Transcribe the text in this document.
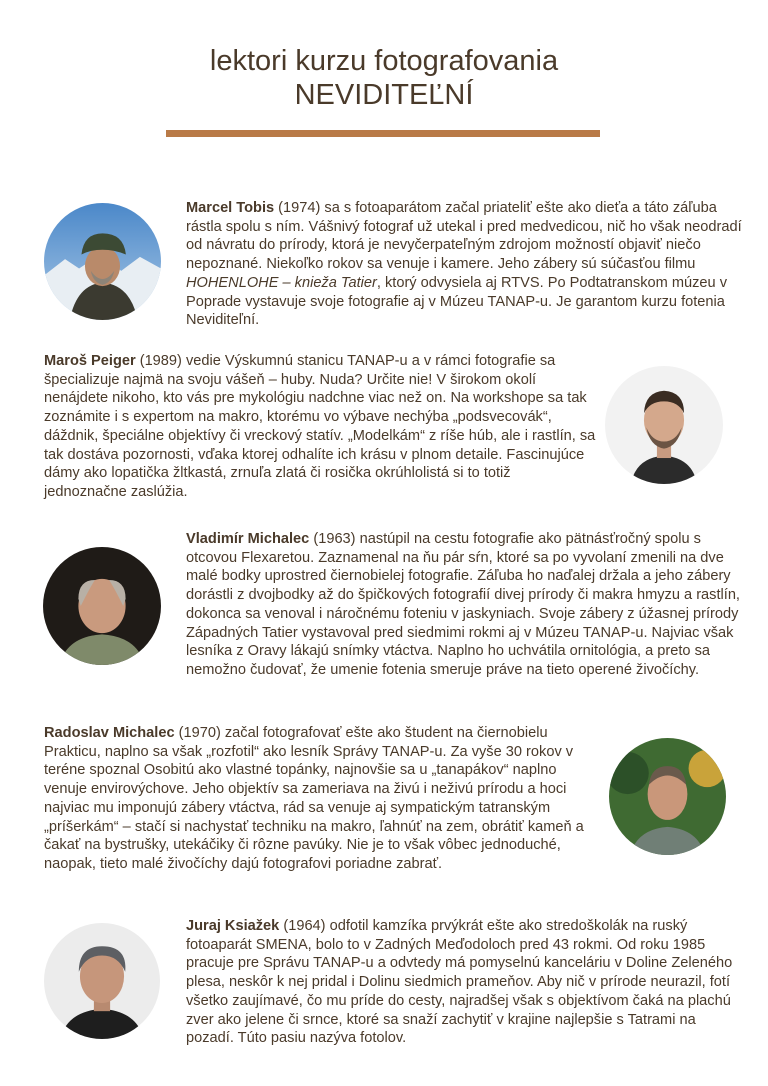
lektori kurzu fotografovania
NEVIDITEĽNÍ

Marcel Tobis (1974) sa s fotoaparátom začal priateliť ešte ako dieťa a táto záľuba rástla spolu s ním. Vášnivý fotograf už utekal i pred medvedicou, nič ho však neodradí od návratu do prírody, ktorá je nevyčerpateľným zdrojom možností objaviť niečo nepoznané. Niekoľko rokov sa venuje i kamere. Jeho zábery sú súčasťou filmu HOHENLOHE – knieža Tatier, ktorý odvysiela aj RTVS. Po Podtatranskom múzeu v Poprade vystavuje svoje fotografie aj v Múzeu TANAP-u. Je garantom kurzu fotenia Neviditeľní.

Maroš Peiger (1989) vedie Výskumnú stanicu TANAP-u a v rámci fotografie sa špecializuje najmä na svoju vášeň – huby. Nuda? Určite nie! V širokom okolí nenájdete nikoho, kto vás pre mykológiu nadchne viac než on. Na workshope sa tak zoznámite i s expertom na makro, ktorému vo výbave nechýba „podsvecovák“, dáždnik, špeciálne objektívy či vreckový statív. „Modelkám“ z ríše húb, ale i rastlín, sa tak dostáva pozornosti, vďaka ktorej odhalíte ich krásu v plnom detaile. Fascinujúce dámy ako lopatička žltkastá, zrnuľa zlatá či rosička okrúhlolistá si to totiž jednoznačne zaslúžia.

Vladimír Michalec (1963) nastúpil na cestu fotografie ako pätnásťročný spolu s otcovou Flexaretou. Zaznamenal na ňu pár sŕn, ktoré sa po vyvolaní zmenili na dve malé bodky uprostred čiernobielej fotografie. Záľuba ho naďalej držala a jeho zábery dorástli z dvojbodky až do špičkových fotografií divej prírody či makra hmyzu a rastlín, dokonca sa venoval i náročnému foteniu v jaskyniach. Svoje zábery z úžasnej prírody Západných Tatier vystavoval pred siedmimi rokmi aj v Múzeu TANAP-u. Najviac však lesníka z Oravy lákajú snímky vtáctva. Naplno ho uchvátila ornitológia, a preto sa nemožno čudovať, že umenie fotenia smeruje práve na tieto operené živočíchy.

Radoslav Michalec (1970) začal fotografovať ešte ako študent na čiernobielu Prakticu, naplno sa však „rozfotil“ ako lesník Správy TANAP-u. Za vyše 30 rokov v teréne spoznal Osobitú ako vlastné topánky, najnovšie sa u „tanapákov“ naplno venuje envirovýchove. Jeho objektív sa zameriava na živú i neživú prírodu a hoci najviac mu imponujú zábery vtáctva, rád sa venuje aj sympatickým tatranským „príšerkám“ – stačí si nachystať techniku na makro, ľahnúť na zem, obrátiť kameň a čakať na bystrušky, utekáčiky či rôzne pavúky. Nie je to však vôbec jednoduché, naopak, tieto malé živočíchy dajú fotografovi poriadne zabrať.

Juraj Ksiažek (1964) odfotil kamzíka prvýkrát ešte ako stredoškolák na ruský fotoaparát SMENA, bolo to v Zadných Meďodoloch pred 43 rokmi. Od roku 1985 pracuje pre Správu TANAP-u a odvtedy má pomyselnú kanceláriu v Doline Zeleného plesa, neskôr k nej pridal i Dolinu siedmich prameňov. Aby nič v prírode neurazil, fotí všetko zaujímavé, čo mu príde do cesty, najradšej však s objektívom čaká na plachú zver ako jelene či srnce, ktoré sa snaží zachytiť v krajine najlepšie s Tatrami na pozadí. Túto pasiu nazýva fotolov.
